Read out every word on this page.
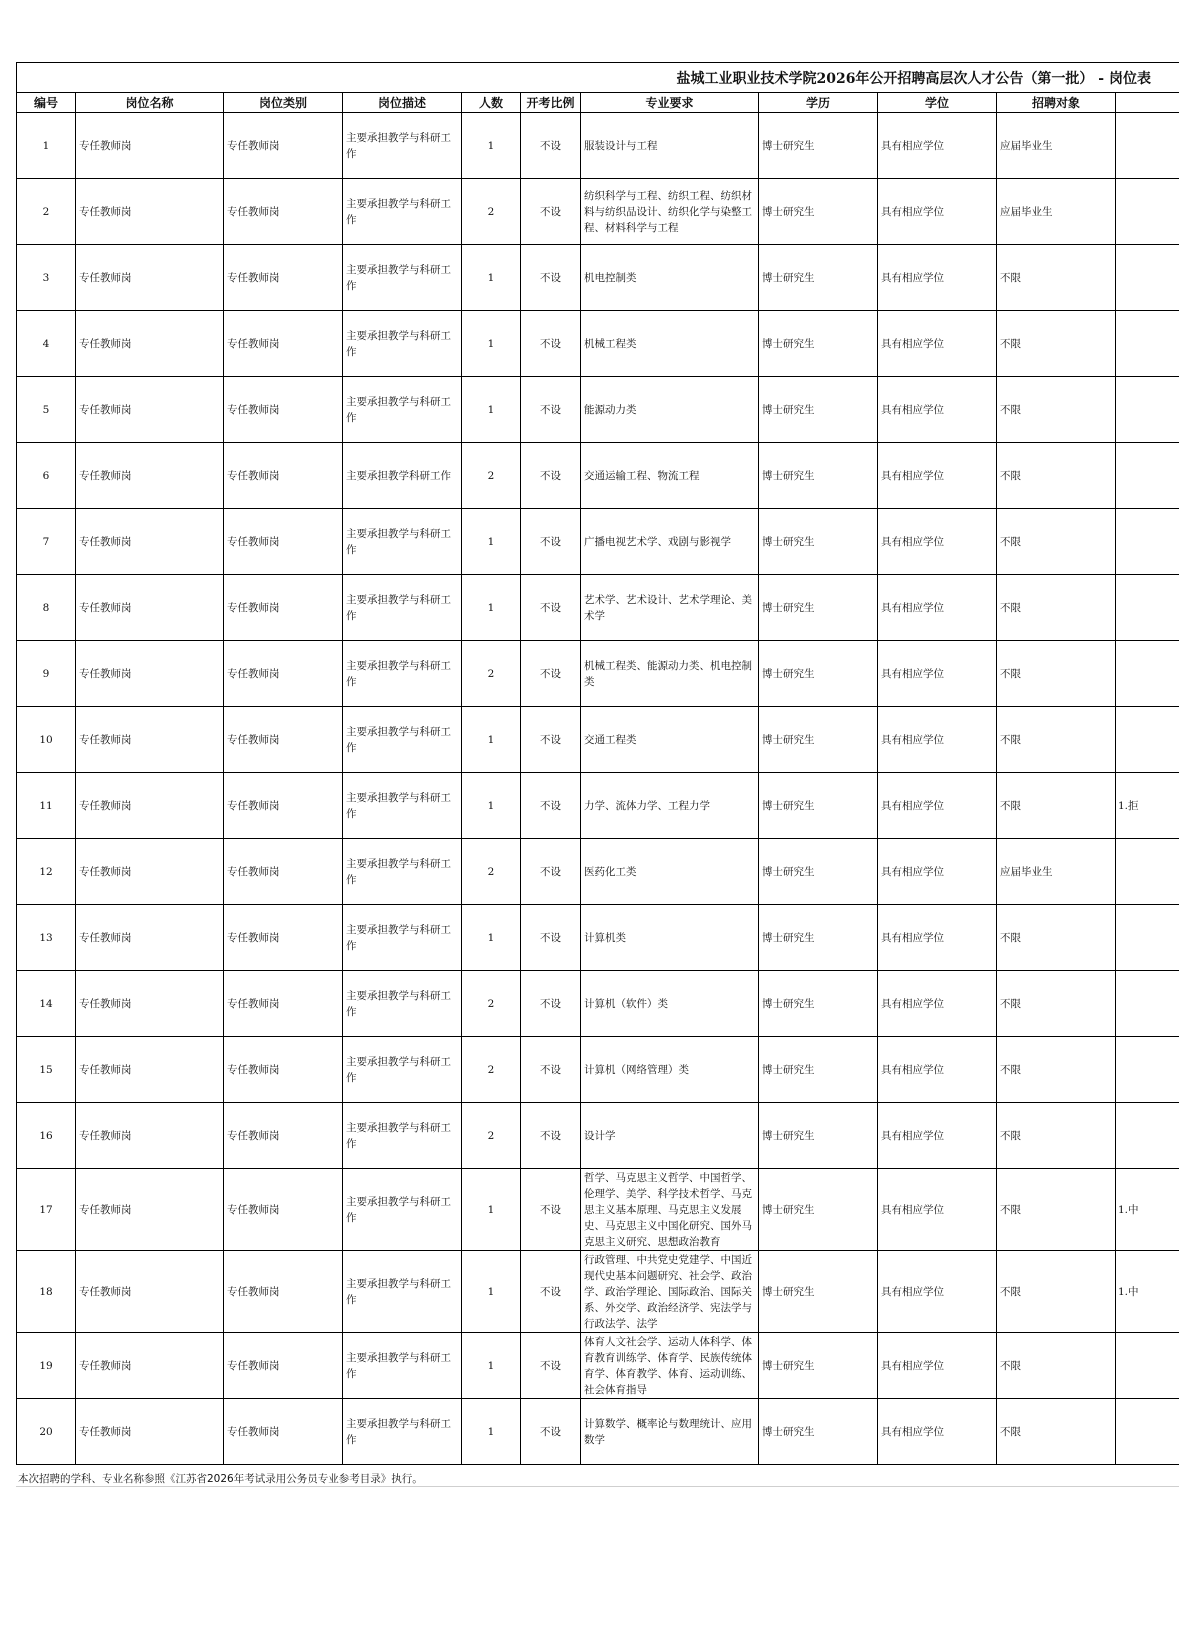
盐城工业职业技术学院2026年公开招聘高层次人才公告（第一批） - 岗位表
编号	岗位名称	岗位类别	岗位描述	人数	开考比例	专业要求	学历	学位	招聘对象	
1	专任教师岗	专任教师岗	主要承担教学与科研工作	1	不设	服装设计与工程	博士研究生	具有相应学位	应届毕业生	
2	专任教师岗	专任教师岗	主要承担教学与科研工作	2	不设	纺织科学与工程、纺织工程、纺织材料与纺织品设计、纺织化学与染整工程、材料科学与工程	博士研究生	具有相应学位	应届毕业生	
3	专任教师岗	专任教师岗	主要承担教学与科研工作	1	不设	机电控制类	博士研究生	具有相应学位	不限	
4	专任教师岗	专任教师岗	主要承担教学与科研工作	1	不设	机械工程类	博士研究生	具有相应学位	不限	
5	专任教师岗	专任教师岗	主要承担教学与科研工作	1	不设	能源动力类	博士研究生	具有相应学位	不限	
6	专任教师岗	专任教师岗	主要承担教学科研工作	2	不设	交通运输工程、物流工程	博士研究生	具有相应学位	不限	
7	专任教师岗	专任教师岗	主要承担教学与科研工作	1	不设	广播电视艺术学、戏剧与影视学	博士研究生	具有相应学位	不限	
8	专任教师岗	专任教师岗	主要承担教学与科研工作	1	不设	艺术学、艺术设计、艺术学理论、美术学	博士研究生	具有相应学位	不限	
9	专任教师岗	专任教师岗	主要承担教学与科研工作	2	不设	机械工程类、能源动力类、机电控制类	博士研究生	具有相应学位	不限	
10	专任教师岗	专任教师岗	主要承担教学与科研工作	1	不设	交通工程类	博士研究生	具有相应学位	不限	
11	专任教师岗	专任教师岗	主要承担教学与科研工作	1	不设	力学、流体力学、工程力学	博士研究生	具有相应学位	不限	1.拒
12	专任教师岗	专任教师岗	主要承担教学与科研工作	2	不设	医药化工类	博士研究生	具有相应学位	应届毕业生	
13	专任教师岗	专任教师岗	主要承担教学与科研工作	1	不设	计算机类	博士研究生	具有相应学位	不限	
14	专任教师岗	专任教师岗	主要承担教学与科研工作	2	不设	计算机（软件）类	博士研究生	具有相应学位	不限	
15	专任教师岗	专任教师岗	主要承担教学与科研工作	2	不设	计算机（网络管理）类	博士研究生	具有相应学位	不限	
16	专任教师岗	专任教师岗	主要承担教学与科研工作	2	不设	设计学	博士研究生	具有相应学位	不限	
17	专任教师岗	专任教师岗	主要承担教学与科研工作	1	不设	哲学、马克思主义哲学、中国哲学、伦理学、美学、科学技术哲学、马克思主义基本原理、马克思主义发展史、马克思主义中国化研究、国外马克思主义研究、思想政治教育	博士研究生	具有相应学位	不限	1.中
18	专任教师岗	专任教师岗	主要承担教学与科研工作	1	不设	行政管理、中共党史党建学、中国近现代史基本问题研究、社会学、政治学、政治学理论、国际政治、国际关系、外交学、政治经济学、宪法学与行政法学、法学	博士研究生	具有相应学位	不限	1.中
19	专任教师岗	专任教师岗	主要承担教学与科研工作	1	不设	体育人文社会学、运动人体科学、体育教育训练学、体育学、民族传统体育学、体育教学、体育、运动训练、社会体育指导	博士研究生	具有相应学位	不限	
20	专任教师岗	专任教师岗	主要承担教学与科研工作	1	不设	计算数学、概率论与数理统计、应用数学	博士研究生	具有相应学位	不限	
本次招聘的学科、专业名称参照《江苏省2026年考试录用公务员专业参考目录》执行。
